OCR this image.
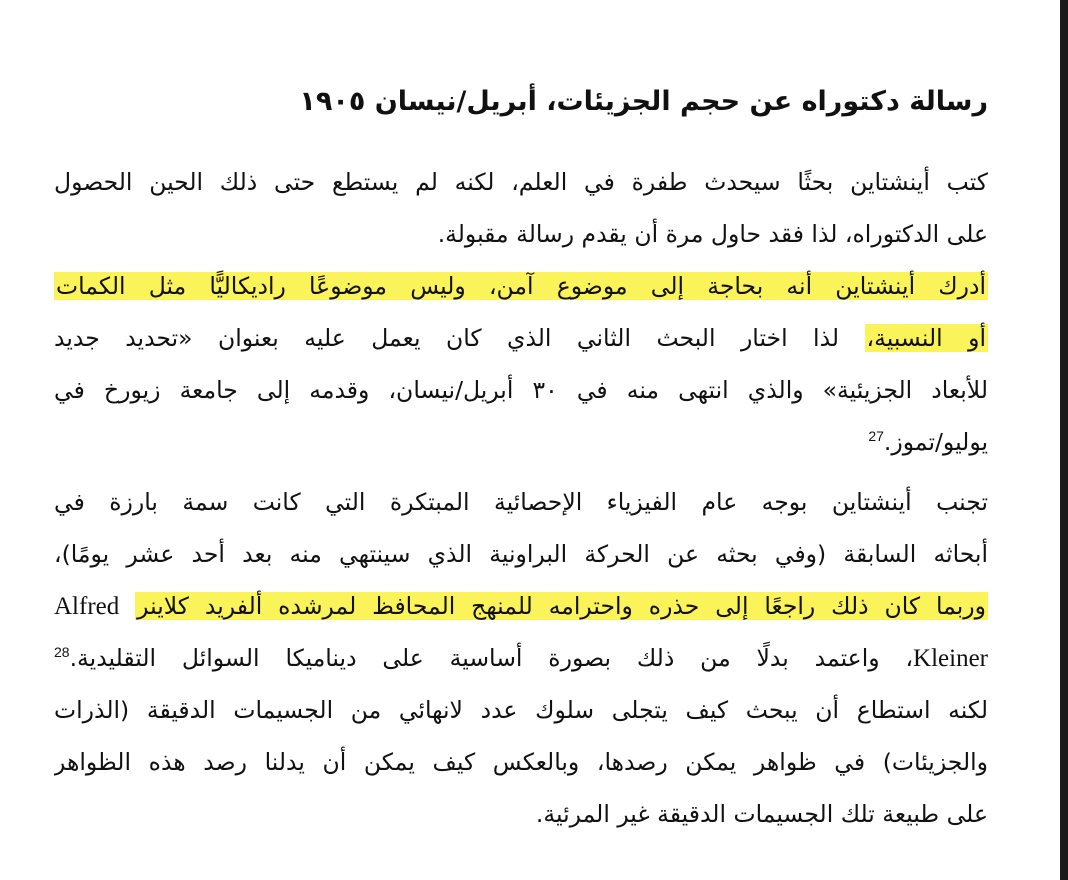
رسالة دكتوراه عن حجم الجزيئات، أبريل/نيسان ١٩٠٥
كتب أينشتاين بحثًا سيحدث طفرة في العلم، لكنه لم يستطع حتى ذلك الحين الحصول
على الدكتوراه، لذا فقد حاول مرة أن يقدم رسالة مقبولة.
أدرك أينشتاين أنه بحاجة إلى موضوع آمن، وليس موضوعًا راديكاليًّا مثل الكمات
أو النسبية، لذا اختار البحث الثاني الذي كان يعمل عليه بعنوان «تحديد جديد
للأبعاد الجزيئية» والذي انتهى منه في ٣٠ أبريل/نيسان، وقدمه إلى جامعة زيورخ في
يوليو/تموز.$^{27}$
تجنب أينشتاين بوجه عام الفيزياء الإحصائية المبتكرة التي كانت سمة بارزة في
أبحاثه السابقة (وفي بحثه عن الحركة البراونية الذي سينتهي منه بعد أحد عشر يومًا)،
وربما كان ذلك راجعًا إلى حذره واحترامه للمنهج المحافظ لمرشده ألفريد كلاينر Alfred
Kleiner، واعتمد بدلًا من ذلك بصورة أساسية على ديناميكا السوائل التقليدية.$^{28}$
لكنه استطاع أن يبحث كيف يتجلى سلوك عدد لانهائي من الجسيمات الدقيقة (الذرات
والجزيئات) في ظواهر يمكن رصدها، وبالعكس كيف يمكن أن يدلنا رصد هذه الظواهر
على طبيعة تلك الجسيمات الدقيقة غير المرئية.
